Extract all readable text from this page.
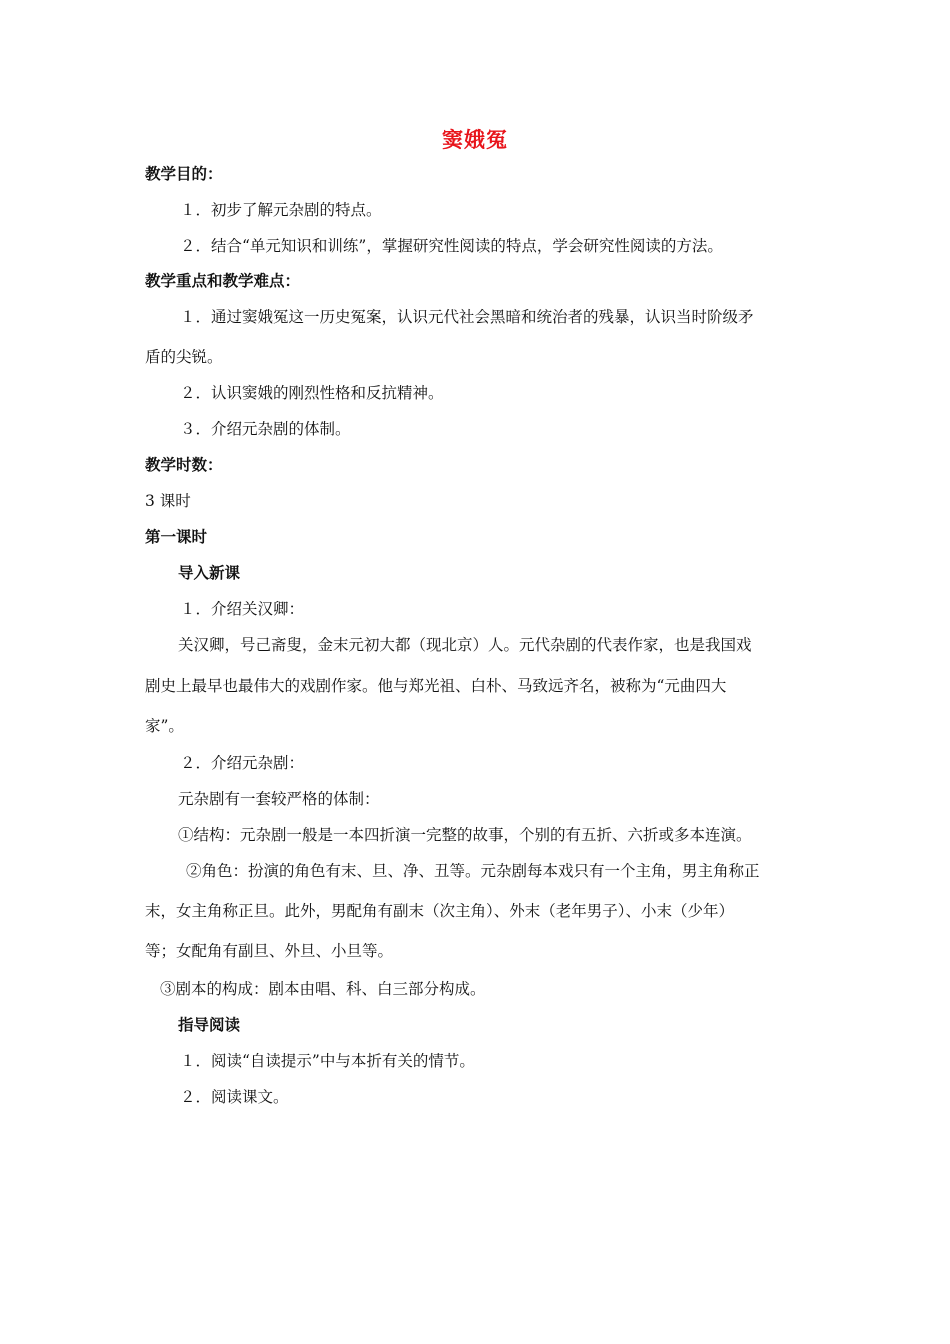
窦娥冤
教学目的：
１．初步了解元杂剧的特点。
２．结合“单元知识和训练”，掌握研究性阅读的特点，学会研究性阅读的方法。
教学重点和教学难点：
１．通过窦娥冤这一历史冤案，认识元代社会黑暗和统治者的残暴，认识当时阶级矛
盾的尖锐。
２．认识窦娥的刚烈性格和反抗精神。
３．介绍元杂剧的体制。
教学时数：
3 课时
第一课时
导入新课
１．介绍关汉卿：
关汉卿，号己斋叟，金末元初大都（现北京）人。元代杂剧的代表作家，也是我国戏
剧史上最早也最伟大的戏剧作家。他与郑光祖、白朴、马致远齐名，被称为“元曲四大
家”。
２．介绍元杂剧：
元杂剧有一套较严格的体制：
①结构：元杂剧一般是一本四折演一完整的故事，个别的有五折、六折或多本连演。
②角色：扮演的角色有末、旦、净、丑等。元杂剧每本戏只有一个主角，男主角称正
末，女主角称正旦。此外，男配角有副末（次主角）、外末（老年男子）、小末（少年）
等；女配角有副旦、外旦、小旦等。
③剧本的构成：剧本由唱、科、白三部分构成。
指导阅读
１．阅读“自读提示”中与本折有关的情节。
２．阅读课文。
